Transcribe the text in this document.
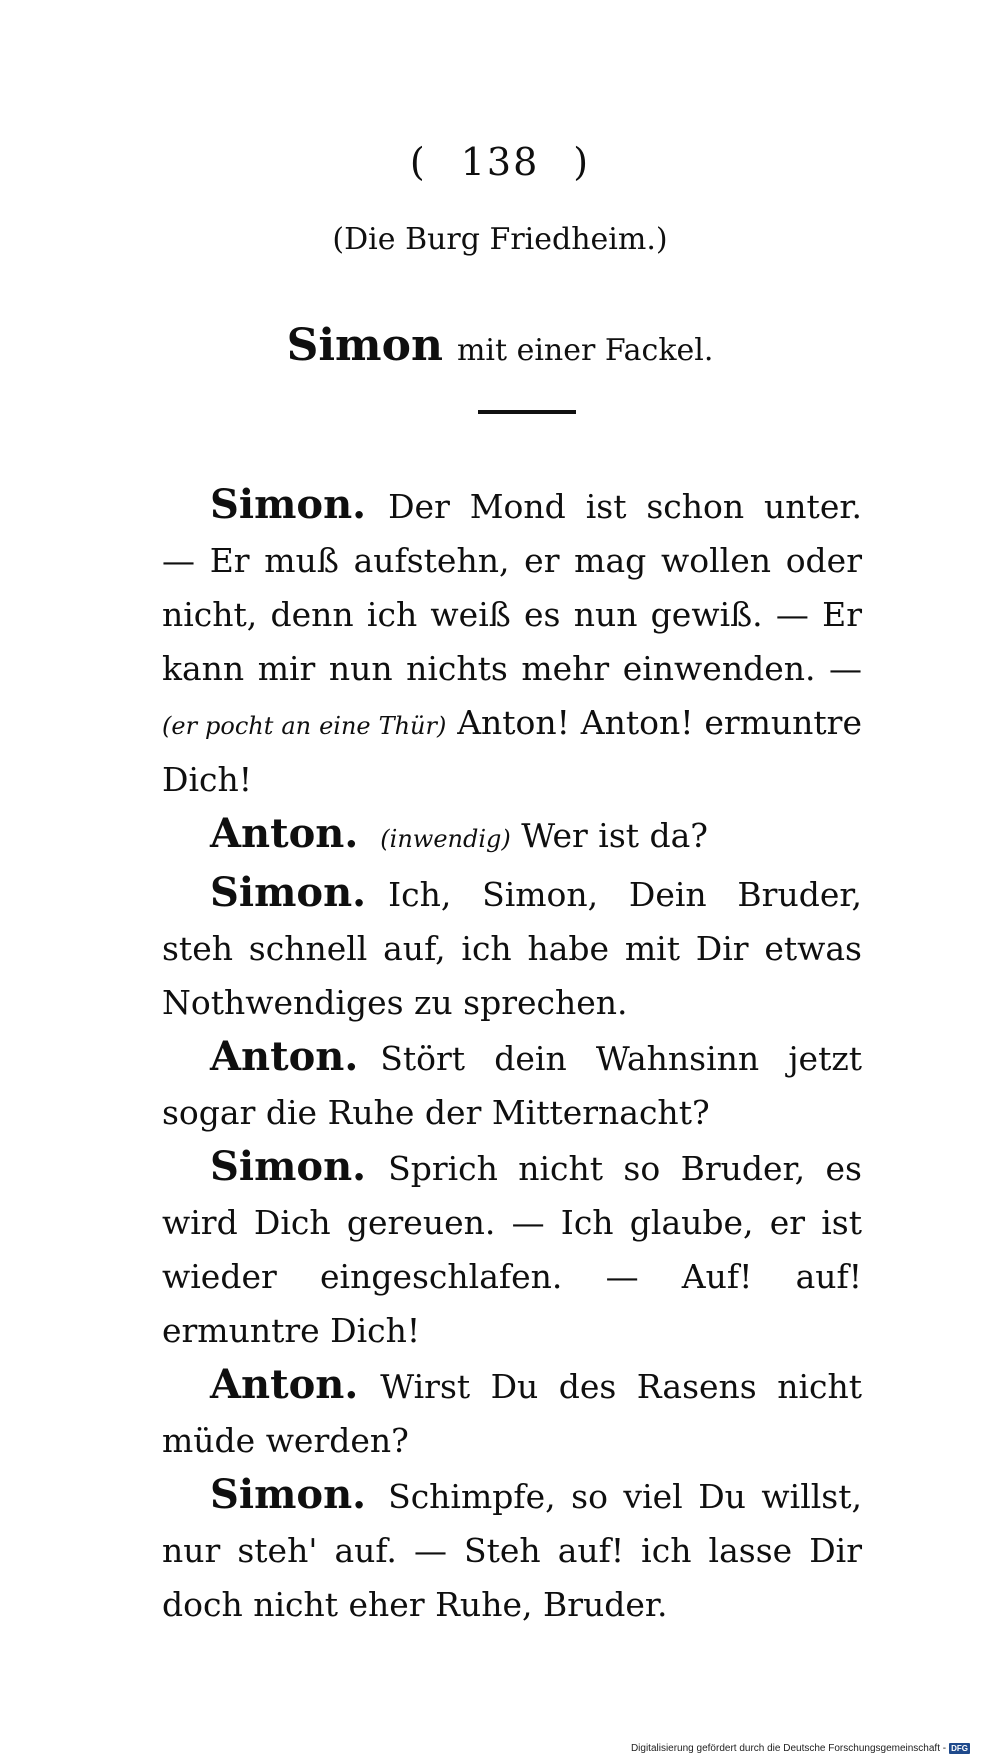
( 138 )
(Die Burg Friedheim.)
Simon mit einer Fackel.

Simon. Der Mond ist schon unter. — Er muß aufstehn, er mag wollen oder nicht, denn ich weiß es nun gewiß. — Er kann mir nun nichts mehr einwenden. — (er pocht an eine Thür) Anton! Anton! ermuntre Dich!

Anton. (inwendig) Wer ist da?

Simon. Ich, Simon, Dein Bruder, steh schnell auf, ich habe mit Dir etwas Nothwendiges zu sprechen.

Anton. Stört dein Wahnsinn jetzt sogar die Ruhe der Mitternacht?

Simon. Sprich nicht so Bruder, es wird Dich gereuen. — Ich glaube, er ist wieder eingeschlafen. — Auf! auf! ermuntre Dich!

Anton. Wirst Du des Rasens nicht müde werden?

Simon. Schimpfe, so viel Du willst, nur steh' auf. — Steh auf! ich lasse Dir doch nicht eher Ruhe, Bruder.

Digitalisierung gefördert durch die Deutsche Forschungsgemeinschaft - DFG
